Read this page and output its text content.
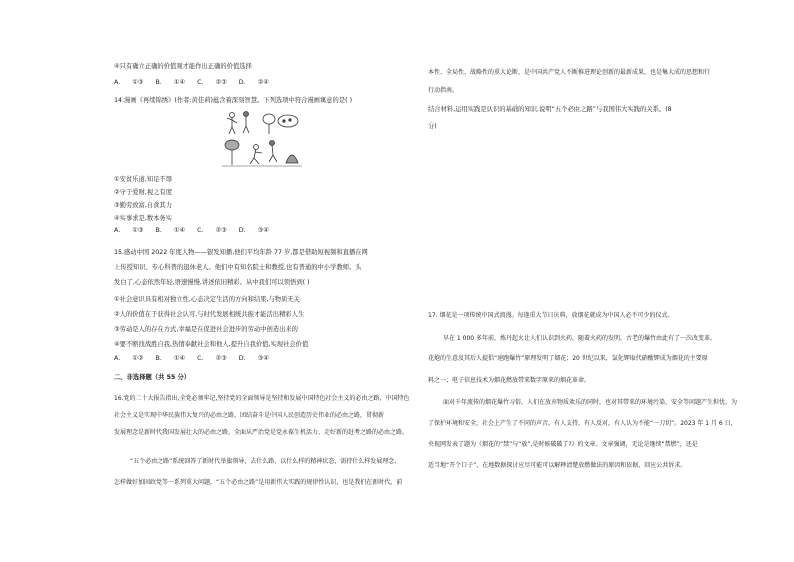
④只有确立正确的价值观才能作出正确的价值选择
A. ①③ B. ①④ C. ②③ D. ②④
14.漫画《再续锦绣》(作者:黄佳莉)蕴含着深刻智慧。下列选项中符合漫画寓意的是( )
①安贫乐道,知足不辱
②守于爱财,视之有度
③勤劳致富,自食其力
④实事求是,数本务实
A. ①③ B. ①④ C. ②③ D. ③④
15.感动中国 2022 年度人物——银发知播,他们平均年龄 77 岁,都是借助短视频和直播在网
上传授知识、专心科普的退休老人。他们中有知名院士和教授,也有普通的中小学教师。头
发白了,心态依然年轻,语速慢慢,讲述依旧精彩。从中我们可以领悟到( )
①社会意识具有相对独立性,心态决定生活的方向和结果,与物质无关
②人的价值在于获得社会认可,与时代发展相统共振才能活出精彩人生
③劳动是人的存在方式,幸福是在促进社会进步的劳动中创造出来的
④要不断找战胜自我,热情奉献社会和他人,提升自我价值,实现社会价值
A. ①② B. ①④ C. ②③ D. ③④
二、非选择题（共 55 分）
16.党的二十大报告指出,全党必须牢记,坚持党的全面领导是坚持和发展中国特色社会主义的必由之路，中国特色
社会主义是实现中华民族伟大复兴的必由之路，团结奋斗是中国人民创造历史伟业的必由之路，贯彻新
发展理念是新时代我国发展壮大的必由之路，全面从严治党是党永葆生机活力、走好新的赶考之路的必由之路。
“五个必由之路”系统回答了新时代举旗领导，去什么路，以什么样的精神状态，需持什么样发展理念，
怎样做好加固政党等一系列重大问题，“五个必由之路”是用新伟大实践的规律性认识，也是我们在新时代，前
本性、全局性、战略性的重大论断，是中国共产党人不断推进理论创新的最新成果，也是集大成的思想和行
行动指南。
结合材料,运用实践是认识的基础的知识,说明“五个必由之路”与我国伟大实践的关系。(8
分)
17. 烟花是一项传统中国式浪漫。每逢重大节日庆典，放烟花就成为中国人必不可少的仪式。
早在 1 000 多年前，炼丹起火让人们认识到火药，随着火药的发明，古老的爆竹由此有了一次改变革。
花炮的生意及其后人提倡“速跑爆竹”原理发明了烟花；20 世纪以来，氯化钾取代硝酸钾成为烟花的主要原
料之一；电子信息技术为烟花燃放带来数字原来的烟花革命。
面对千年流传的烟花爆竹习俗，人们在放弃物质欢乐的同时，也对其带来的环境污染、安全等问题产生担忧。为
了保护环境和安全，社会上产生了不同的声音，有人支持，有人反对，有人认为不能“一刀切”。2023 年 1 月 6 日，
央视网发表了题为《烟花的“禁”与“放”,是时候破破了?》的文章。文章强调，无论是继续“禁燃”，还是
适当地“开个口子”，在地数据探讨应尽可能可以解释清楚放燃做法的原因和依据，回应公共诉求。
